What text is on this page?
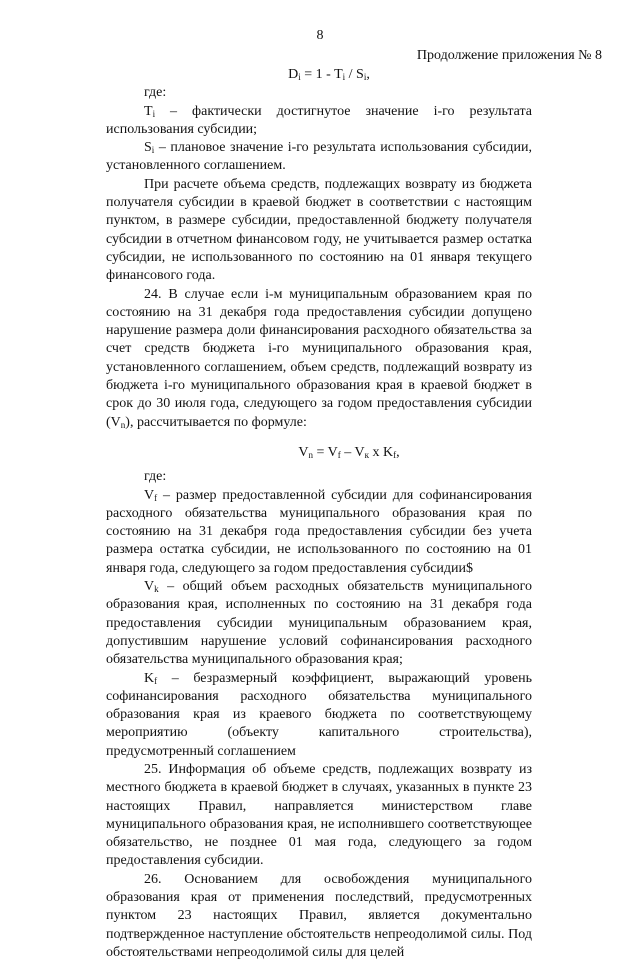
8
Продолжение приложения № 8

$D_i = 1 - T_i / S_i$,

где:

$T_i$ – фактически достигнутое значение i-го результата использования субсидии;

$S_i$ – плановое значение i-го результата использования субсидии, установленного соглашением.

При расчете объема средств, подлежащих возврату из бюджета получателя субсидии в краевой бюджет в соответствии с настоящим пунктом, в размере субсидии, предоставленной бюджету получателя субсидии в отчетном финансовом году, не учитывается размер остатка субсидии, не использованного по состоянию на 01 января текущего финансового года.

24. В случае если i-м муниципальным образованием края по состоянию на 31 декабря года предоставления субсидии допущено нарушение размера доли финансирования расходного обязательства за счет средств бюджета i-го муниципального образования края, установленного соглашением, объем средств, подлежащий возврату из бюджета i-го муниципального образования края в краевой бюджет в срок до 30 июля года, следующего за годом предоставления субсидии $(V_n)$, рассчитывается по формуле:

$V_n = V_f - V_к$ х $K_f$,

где:

$V_f$ – размер предоставленной субсидии для софинансирования расходного обязательства муниципального образования края по состоянию на 31 декабря года предоставления субсидии без учета размера остатка субсидии, не использованного по состоянию на 01 января года, следующего за годом предоставления субсидии$

$V_k$ – общий объем расходных обязательств муниципального образования края, исполненных по состоянию на 31 декабря года предоставления субсидии муниципальным образованием края, допустившим нарушение условий софинансирования расходного обязательства муниципального образования края;

$K_f$ – безразмерный коэффициент, выражающий уровень софинансирования расходного обязательства муниципального образования края из краевого бюджета по соответствующему мероприятию (объекту капитального строительства), предусмотренный соглашением

25. Информация об объеме средств, подлежащих возврату из местного бюджета в краевой бюджет в случаях, указанных в пункте 23 настоящих Правил, направляется министерством главе муниципального образования края, не исполнившего соответствующее обязательство, не позднее 01 мая года, следующего за годом предоставления субсидии.

26. Основанием для освобождения муниципального образования края от применения последствий, предусмотренных пунктом 23 настоящих Правил, является документально подтвержденное наступление обстоятельств непреодолимой силы. Под обстоятельствами непреодолимой силы для целей
